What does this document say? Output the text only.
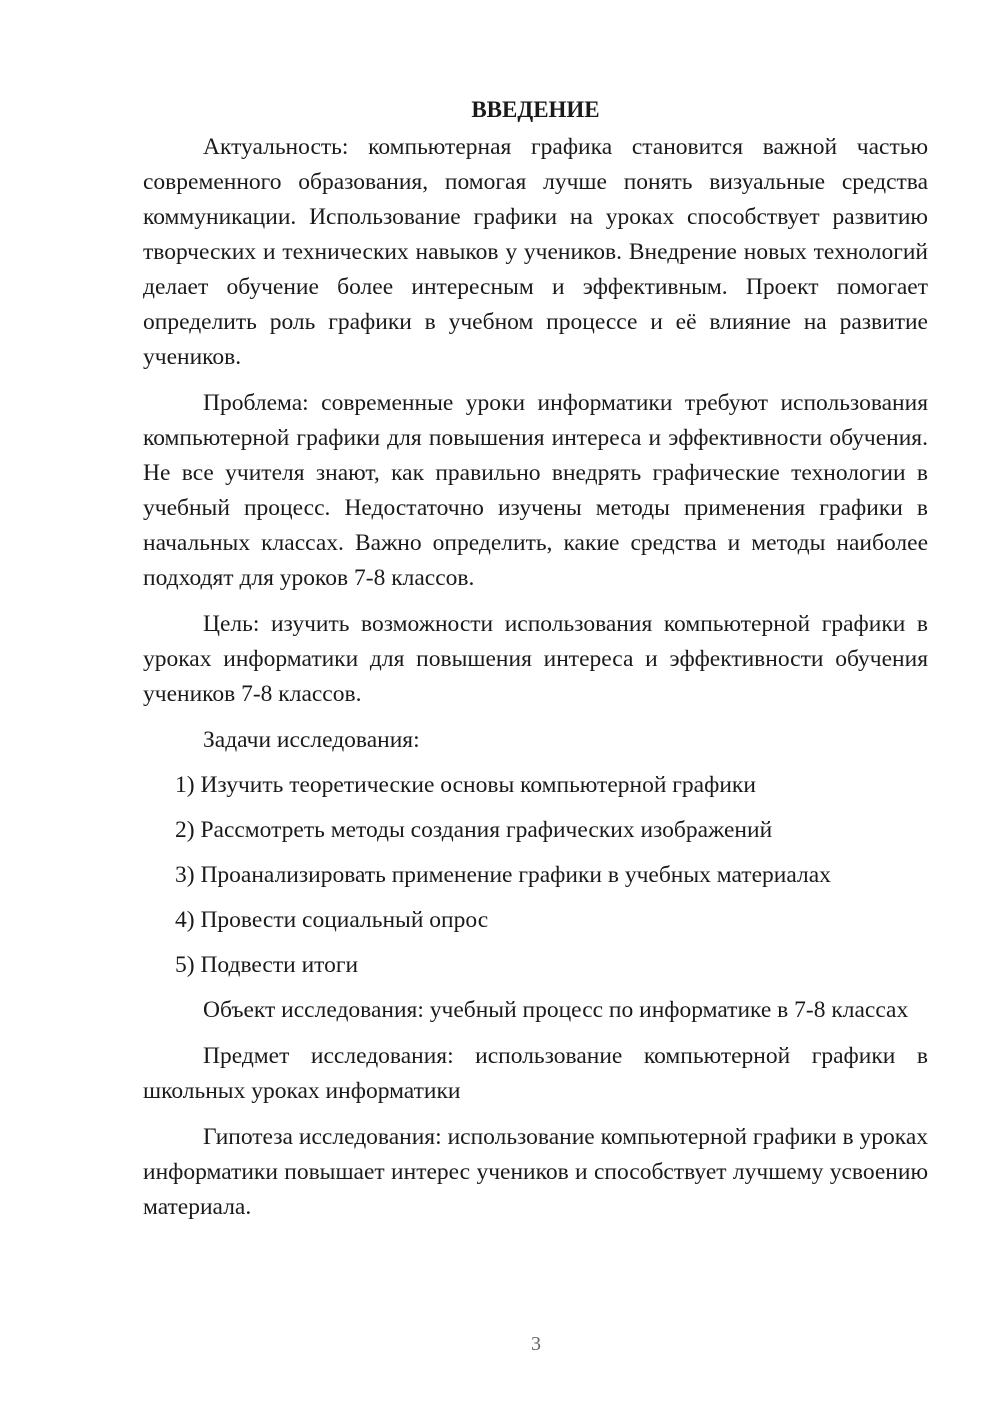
ВВЕДЕНИЕ

Актуальность: компьютерная графика становится важной частью современного образования, помогая лучше понять визуальные средства коммуникации. Использование графики на уроках способствует развитию творческих и технических навыков у учеников. Внедрение новых технологий делает обучение более интересным и эффективным. Проект помогает определить роль графики в учебном процессе и её влияние на развитие учеников.

Проблема: современные уроки информатики требуют использования компьютерной графики для повышения интереса и эффективности обучения. Не все учителя знают, как правильно внедрять графические технологии в учебный процесс. Недостаточно изучены методы применения графики в начальных классах. Важно определить, какие средства и методы наиболее подходят для уроков 7-8 классов.

Цель: изучить возможности использования компьютерной графики в уроках информатики для повышения интереса и эффективности обучения учеников 7-8 классов.

Задачи исследования:

1) Изучить теоретические основы компьютерной графики
2) Рассмотреть методы создания графических изображений
3) Проанализировать применение графики в учебных материалах
4) Провести социальный опрос
5) Подвести итоги

Объект исследования: учебный процесс по информатике в 7-8 классах

Предмет исследования: использование компьютерной графики в школьных уроках информатики

Гипотеза исследования: использование компьютерной графики в уроках информатики повышает интерес учеников и способствует лучшему усвоению материала.

3
